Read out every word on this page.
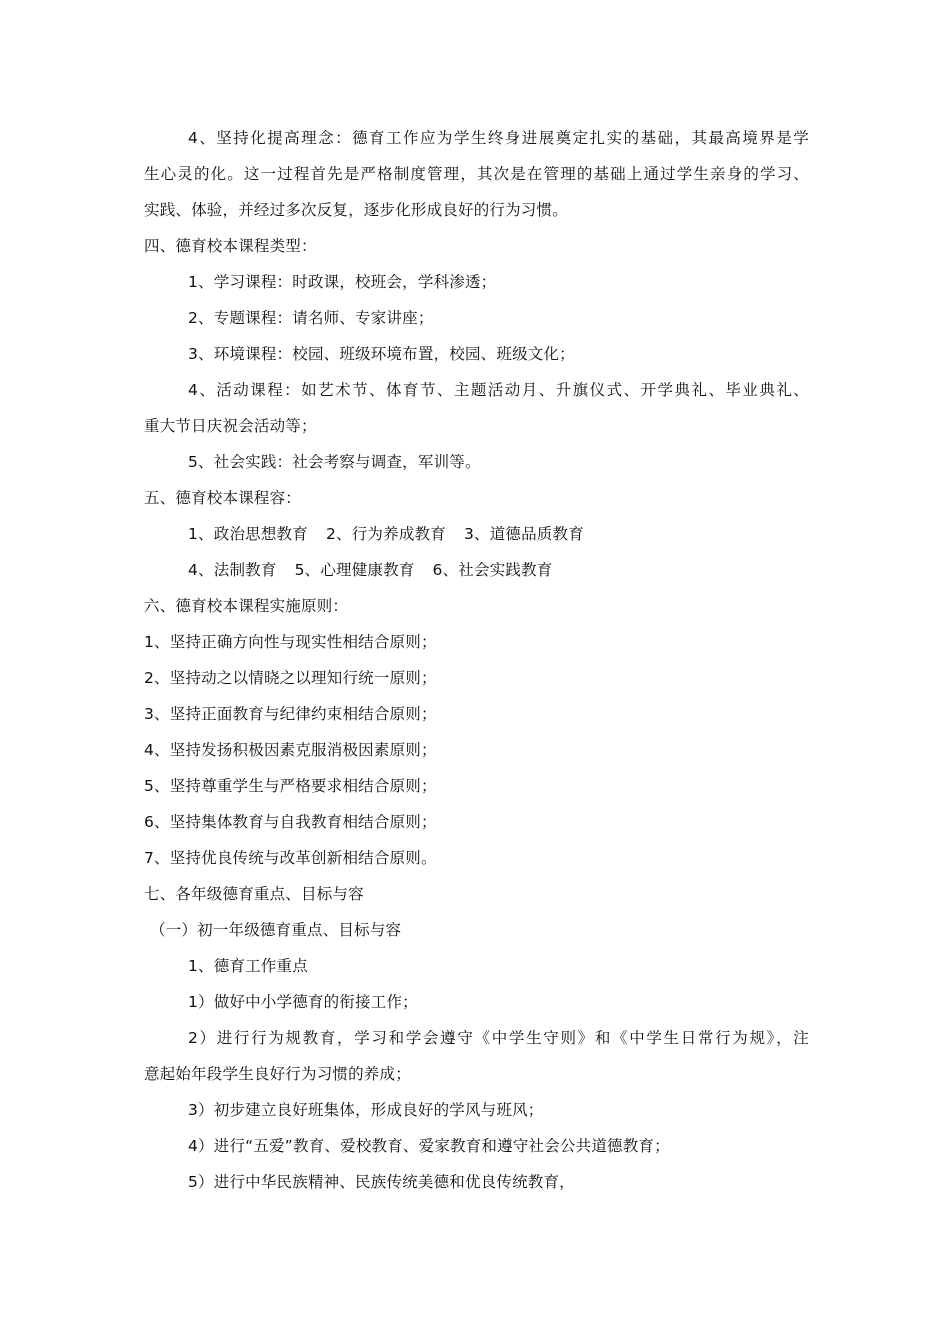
4、坚持化提高理念：德育工作应为学生终身进展奠定扎实的基础，其最高境界是学
生心灵的化。这一过程首先是严格制度管理，其次是在管理的基础上通过学生亲身的学习、
实践、体验，并经过多次反复，逐步化形成良好的行为习惯。
四、德育校本课程类型：
1、学习课程：时政课，校班会，学科渗透；
2、专题课程：请名师、专家讲座；
3、环境课程：校园、班级环境布置，校园、班级文化；
4、活动课程：如艺术节、体育节、主题活动月、升旗仪式、开学典礼、毕业典礼、
重大节日庆祝会活动等；
5、社会实践：社会考察与调查，军训等。
五、德育校本课程容：
1、政治思想教育 2、行为养成教育 3、道德品质教育
4、法制教育 5、心理健康教育 6、社会实践教育
六、德育校本课程实施原则：
1、坚持正确方向性与现实性相结合原则；
2、坚持动之以情晓之以理知行统一原则；
3、坚持正面教育与纪律约束相结合原则；
4、坚持发扬积极因素克服消极因素原则；
5、坚持尊重学生与严格要求相结合原则；
6、坚持集体教育与自我教育相结合原则；
7、坚持优良传统与改革创新相结合原则。
七、各年级德育重点、目标与容
（一）初一年级德育重点、目标与容
1、德育工作重点
1）做好中小学德育的衔接工作；
2）进行行为规教育，学习和学会遵守《中学生守则》和《中学生日常行为规》，注
意起始年段学生良好行为习惯的养成；
3）初步建立良好班集体，形成良好的学风与班风；
4）进行“五爱”教育、爱校教育、爱家教育和遵守社会公共道德教育；
5）进行中华民族精神、民族传统美德和优良传统教育，
